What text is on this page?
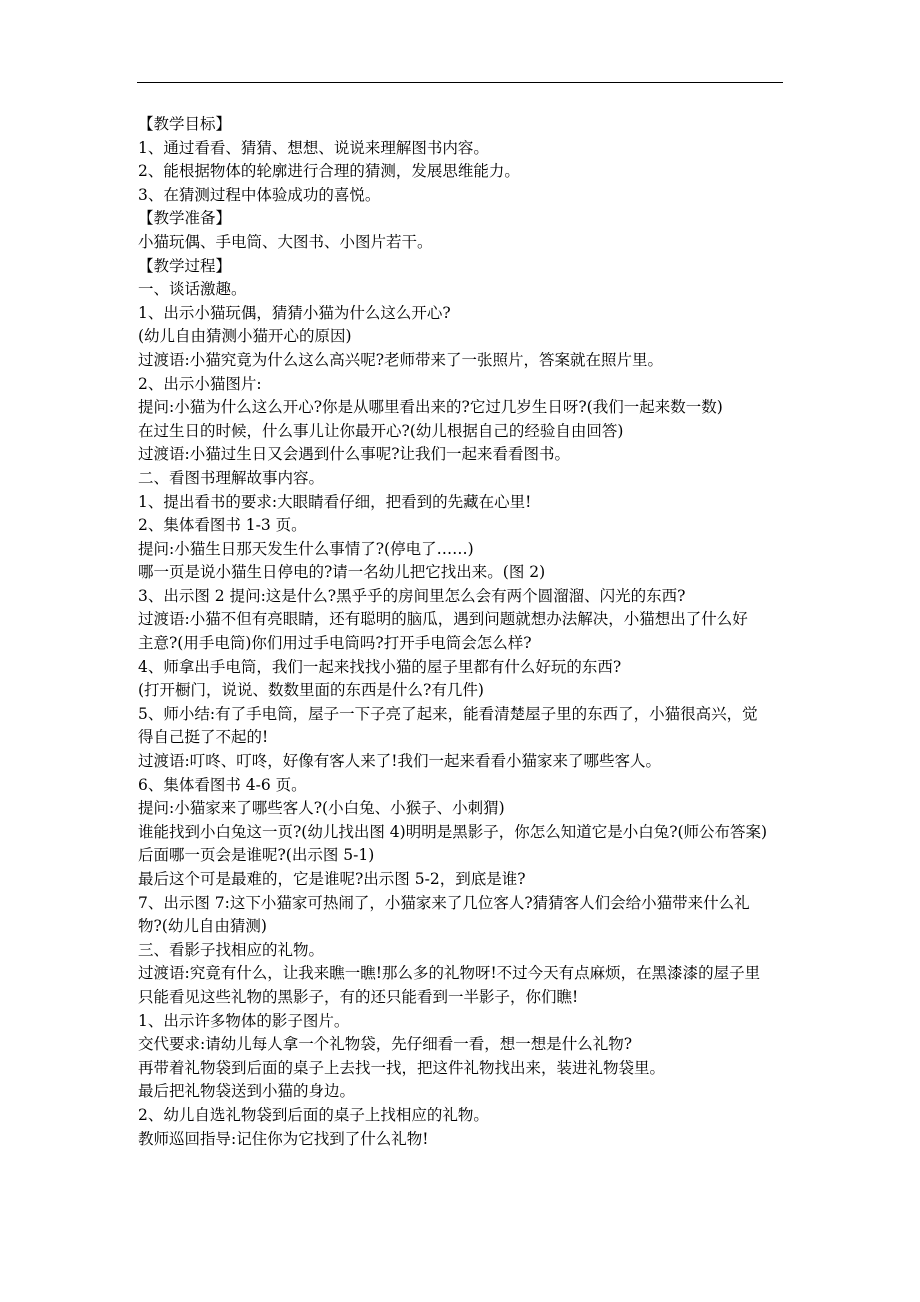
【教学目标】
1、通过看看、猜猜、想想、说说来理解图书内容。
2、能根据物体的轮廓进行合理的猜测，发展思维能力。
3、在猜测过程中体验成功的喜悦。
【教学准备】
小猫玩偶、手电筒、大图书、小图片若干。
【教学过程】
一、谈话激趣。
1、出示小猫玩偶，猜猜小猫为什么这么开心?
(幼儿自由猜测小猫开心的原因)
过渡语:小猫究竟为什么这么高兴呢?老师带来了一张照片，答案就在照片里。
2、出示小猫图片:
提问:小猫为什么这么开心?你是从哪里看出来的?它过几岁生日呀?(我们一起来数一数)
在过生日的时候，什么事儿让你最开心?(幼儿根据自己的经验自由回答)
过渡语:小猫过生日又会遇到什么事呢?让我们一起来看看图书。
二、看图书理解故事内容。
1、提出看书的要求:大眼睛看仔细，把看到的先藏在心里!
2、集体看图书 1-3 页。
提问:小猫生日那天发生什么事情了?(停电了……)
哪一页是说小猫生日停电的?请一名幼儿把它找出来。(图 2)
3、出示图 2 提问:这是什么?黑乎乎的房间里怎么会有两个圆溜溜、闪光的东西?
过渡语:小猫不但有亮眼睛，还有聪明的脑瓜，遇到问题就想办法解决，小猫想出了什么好
主意?(用手电筒)你们用过手电筒吗?打开手电筒会怎么样?
4、师拿出手电筒，我们一起来找找小猫的屋子里都有什么好玩的东西?
(打开橱门，说说、数数里面的东西是什么?有几件)
5、师小结:有了手电筒，屋子一下子亮了起来，能看清楚屋子里的东西了，小猫很高兴，觉
得自己挺了不起的!
过渡语:叮咚、叮咚，好像有客人来了!我们一起来看看小猫家来了哪些客人。
6、集体看图书 4-6 页。
提问:小猫家来了哪些客人?(小白兔、小猴子、小刺猬)
谁能找到小白兔这一页?(幼儿找出图 4)明明是黑影子，你怎么知道它是小白兔?(师公布答案)
后面哪一页会是谁呢?(出示图 5-1)
最后这个可是最难的，它是谁呢?出示图 5-2，到底是谁?
7、出示图 7:这下小猫家可热闹了，小猫家来了几位客人?猜猜客人们会给小猫带来什么礼
物?(幼儿自由猜测)
三、看影子找相应的礼物。
过渡语:究竟有什么，让我来瞧一瞧!那么多的礼物呀!不过今天有点麻烦，在黑漆漆的屋子里
只能看见这些礼物的黑影子，有的还只能看到一半影子，你们瞧!
1、出示许多物体的影子图片。
交代要求:请幼儿每人拿一个礼物袋，先仔细看一看，想一想是什么礼物?
再带着礼物袋到后面的桌子上去找一找，把这件礼物找出来，装进礼物袋里。
最后把礼物袋送到小猫的身边。
2、幼儿自选礼物袋到后面的桌子上找相应的礼物。
教师巡回指导:记住你为它找到了什么礼物!
